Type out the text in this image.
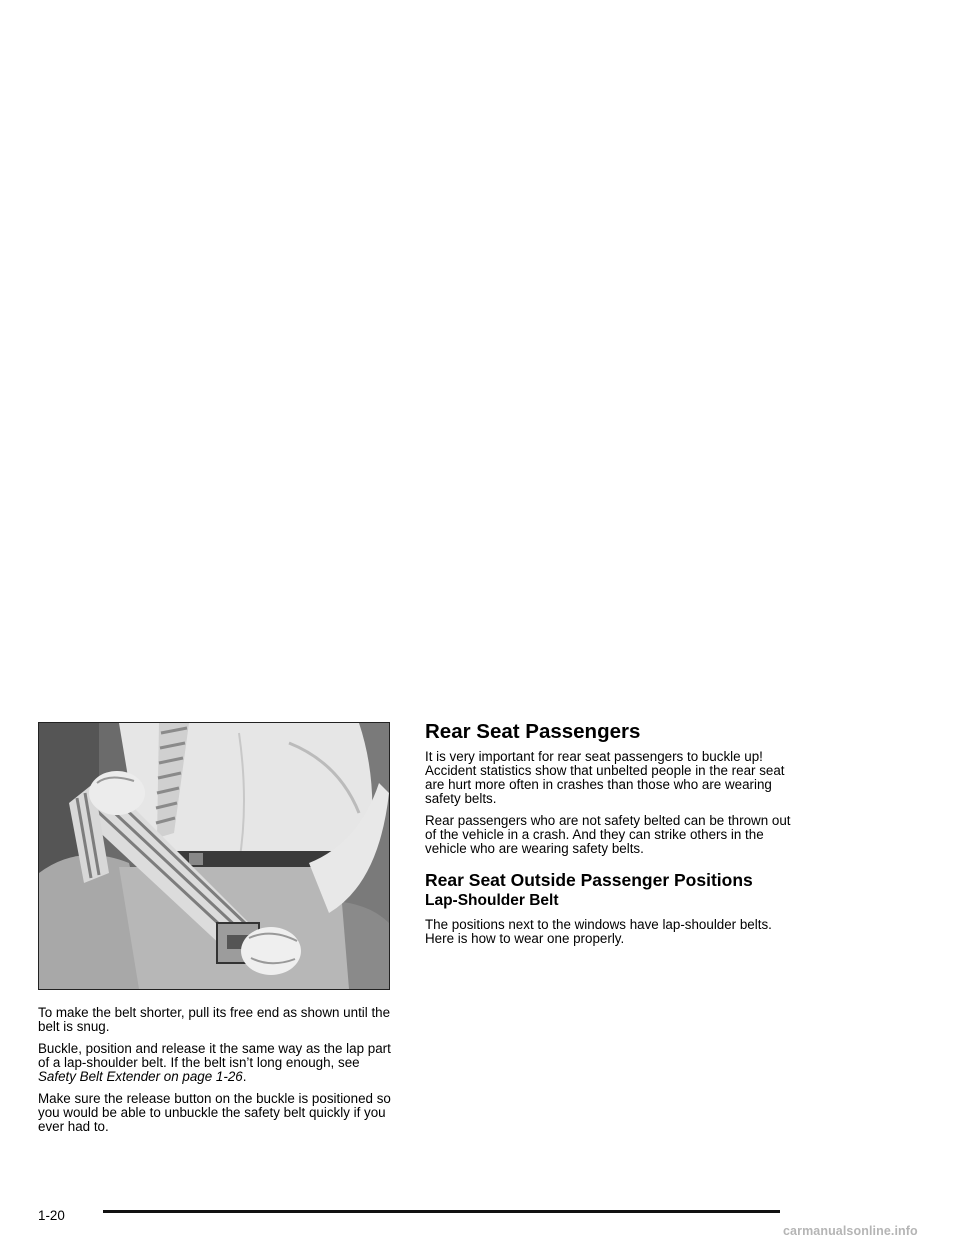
To make the belt shorter, pull its free end as shown until the belt is snug.

Buckle, position and release it the same way as the lap part of a lap-shoulder belt. If the belt isn’t long enough, see Safety Belt Extender on page 1-26.

Make sure the release button on the buckle is positioned so you would be able to unbuckle the safety belt quickly if you ever had to.

Rear Seat Passengers

It is very important for rear seat passengers to buckle up! Accident statistics show that unbelted people in the rear seat are hurt more often in crashes than those who are wearing safety belts.

Rear passengers who are not safety belted can be thrown out of the vehicle in a crash. And they can strike others in the vehicle who are wearing safety belts.

Rear Seat Outside Passenger Positions
Lap-Shoulder Belt

The positions next to the windows have lap-shoulder belts. Here is how to wear one properly.

1-20
carmanualsonline.info
